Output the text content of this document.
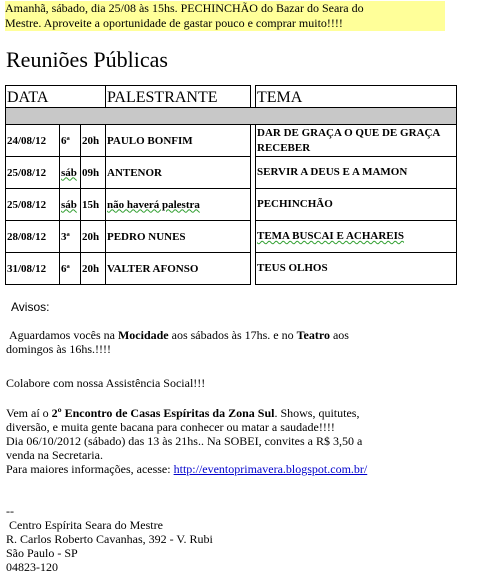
Amanhã, sábado, dia 25/08 às 15hs. PECHINCHÃO do Bazar do Seara do
Mestre. Aproveite a oportunidade de gastar pouco e comprar muito!!!!
Reuniões Públicas
DATA			PALESTRANTE		TEMA

24/08/12	6ª	20h	PAULO BONFIM		DAR DE GRAÇA O QUE DE GRAÇA RECEBER
25/08/12	sáb	09h	ANTENOR		SERVIR A DEUS E A MAMON
25/08/12	sáb	15h	não haverá palestra		PECHINCHÃO
28/08/12	3ª	20h	PEDRO NUNES		TEMA BUSCAI E ACHAREIS
31/08/12	6ª	20h	VALTER AFONSO		TEUS OLHOS
Avisos:
Aguardamos vocês na Mocidade aos sábados às 17hs. e no Teatro aos
domingos às 16hs.!!!!
Colabore com nossa Assistência Social!!!
Vem aí o 2º Encontro de Casas Espíritas da Zona Sul. Shows, quitutes,
diversão, e muita gente bacana para conhecer ou matar a saudade!!!!
Dia 06/10/2012 (sábado) das 13 às 21hs.. Na SOBEI, convites a R$ 3,50 a
venda na Secretaria.
Para maiores informações, acesse: http://eventoprimavera.blogspot.com.br/
--
Centro Espírita Seara do Mestre
R. Carlos Roberto Cavanhas, 392 - V. Rubi
São Paulo - SP
04823-120
